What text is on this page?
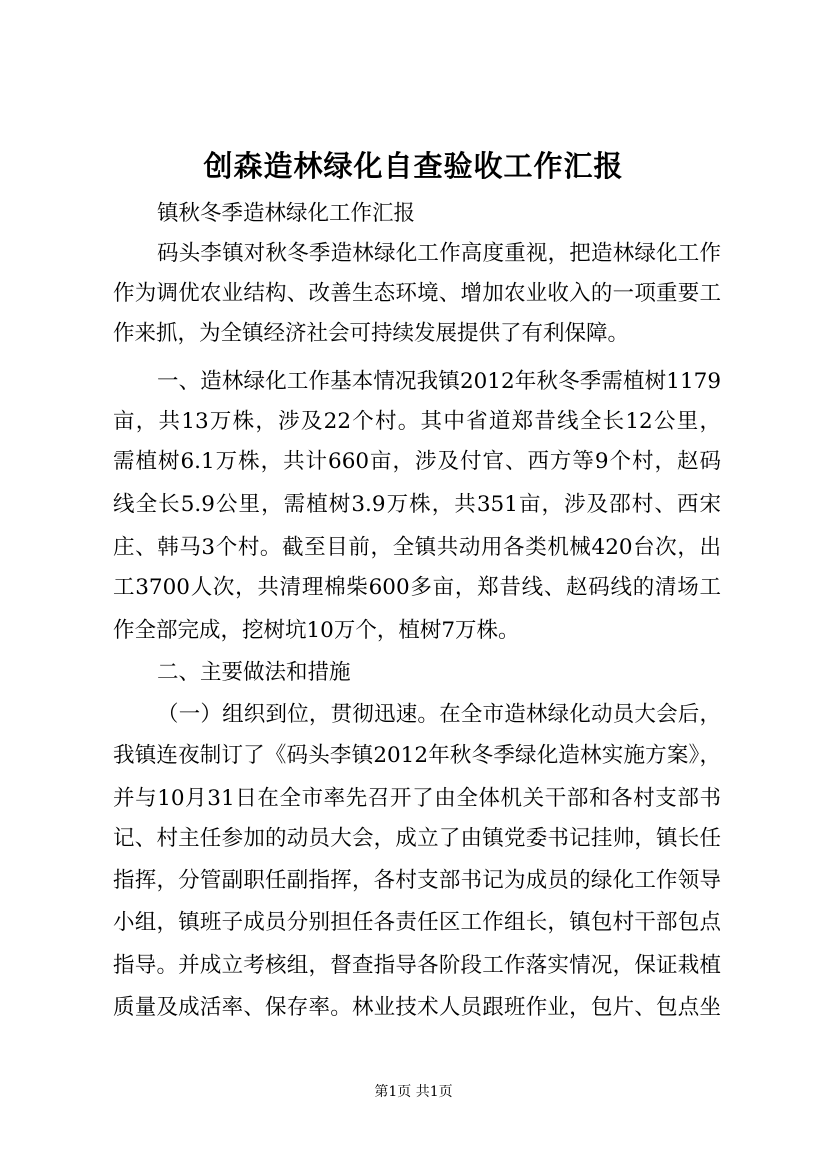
创森造林绿化自查验收工作汇报

镇秋冬季造林绿化工作汇报

码头李镇对秋冬季造林绿化工作高度重视，把造林绿化工作

作为调优农业结构、改善生态环境、增加农业收入的一项重要工

作来抓，为全镇经济社会可持续发展提供了有利保障。

一、造林绿化工作基本情况我镇2012年秋冬季需植树1179

亩，共13万株，涉及22个村。其中省道郑昔线全长12公里，

需植树6.1万株，共计660亩，涉及付官、西方等9个村，赵码

线全长5.9公里，需植树3.9万株，共351亩，涉及邵村、西宋

庄、韩马3个村。截至目前，全镇共动用各类机械420台次，出

工3700人次，共清理棉柴600多亩，郑昔线、赵码线的清场工

作全部完成，挖树坑10万个，植树7万株。

二、主要做法和措施

（一）组织到位，贯彻迅速。在全市造林绿化动员大会后，

我镇连夜制订了《码头李镇2012年秋冬季绿化造林实施方案》，

并与10月31日在全市率先召开了由全体机关干部和各村支部书

记、村主任参加的动员大会，成立了由镇党委书记挂帅，镇长任

指挥，分管副职任副指挥，各村支部书记为成员的绿化工作领导

小组，镇班子成员分别担任各责任区工作组长，镇包村干部包点

指导。并成立考核组，督查指导各阶段工作落实情况，保证栽植

质量及成活率、保存率。林业技术人员跟班作业，包片、包点坐

第1页 共1页
